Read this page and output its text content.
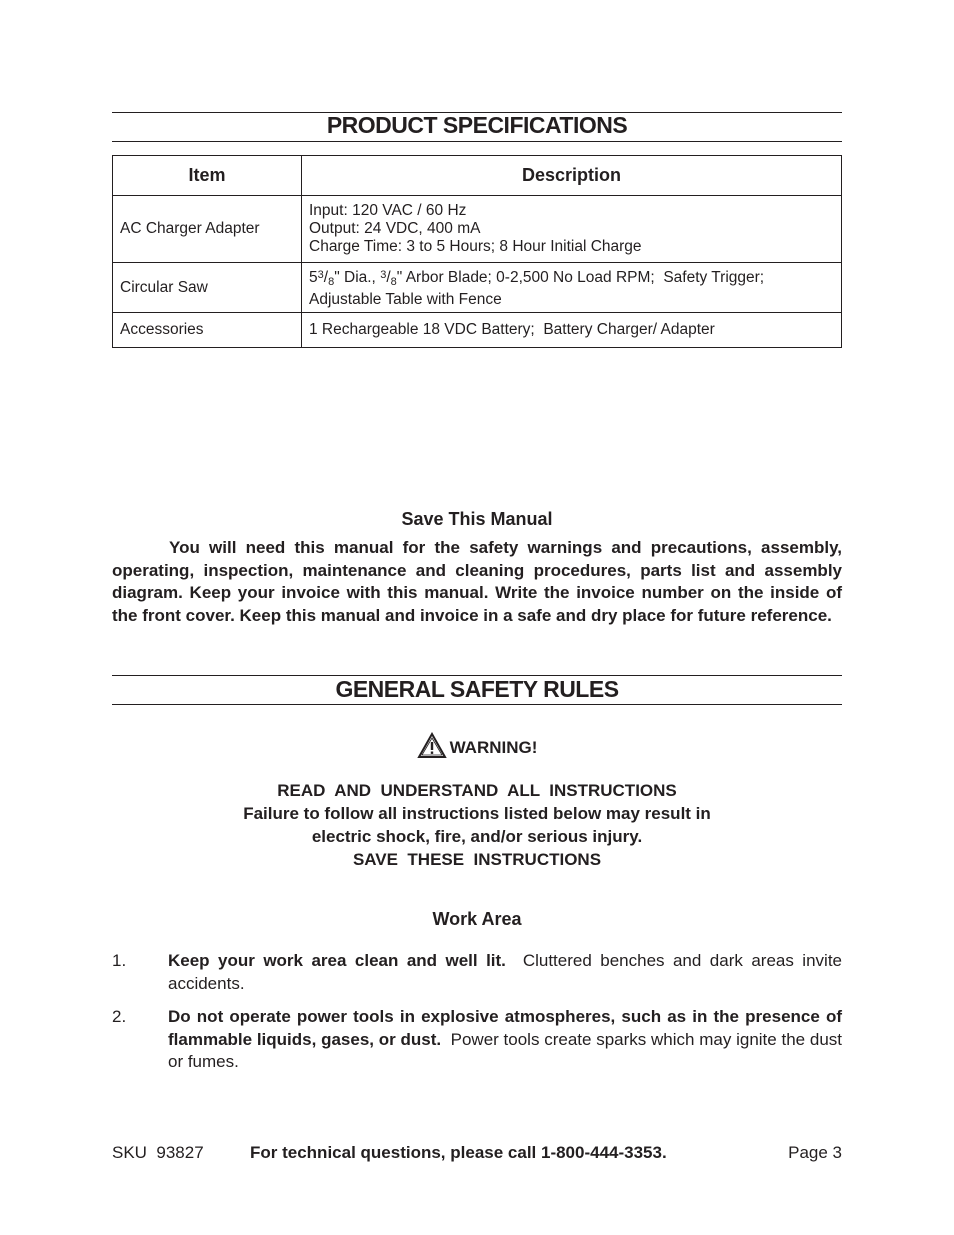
PRODUCT SPECIFICATIONS
Item	Description
AC Charger Adapter	Input: 120 VAC / 60 Hz
Output: 24 VDC, 400 mA
Charge Time: 3 to 5 Hours; 8 Hour Initial Charge

Circular Saw	$5^3/8$" Dia., $^3$/8" Arbor Blade; 0-2,500 No Load RPM;  Safety Trigger;
Adjustable Table with Fence

Accessories	1 Rechargeable 18 VDC Battery;  Battery Charger/ Adapter
Save This Manual

You will need this manual for the safety warnings and precautions, assembly, operating, inspection, maintenance and cleaning procedures, parts list and assembly diagram. Keep your invoice with this manual. Write the invoice number on the inside of the front cover. Keep this manual and invoice in a safe and dry place for future reference.

GENERAL SAFETY RULES
WARNING!
READ  AND  UNDERSTAND  ALL  INSTRUCTIONS
Failure to follow all instructions listed below may result in
electric shock, fire, and/or serious injury.
SAVE  THESE  INSTRUCTIONS
Work Area
1. Keep your work area clean and well lit.  Cluttered benches and dark areas invite accidents.
2. Do not operate power tools in explosive atmospheres, such as in the presence of flammable liquids, gases, or dust.  Power tools create sparks which may ignite the dust or fumes.
SKU  93827	For technical questions, please call 1-800-444-3353.	Page 3
